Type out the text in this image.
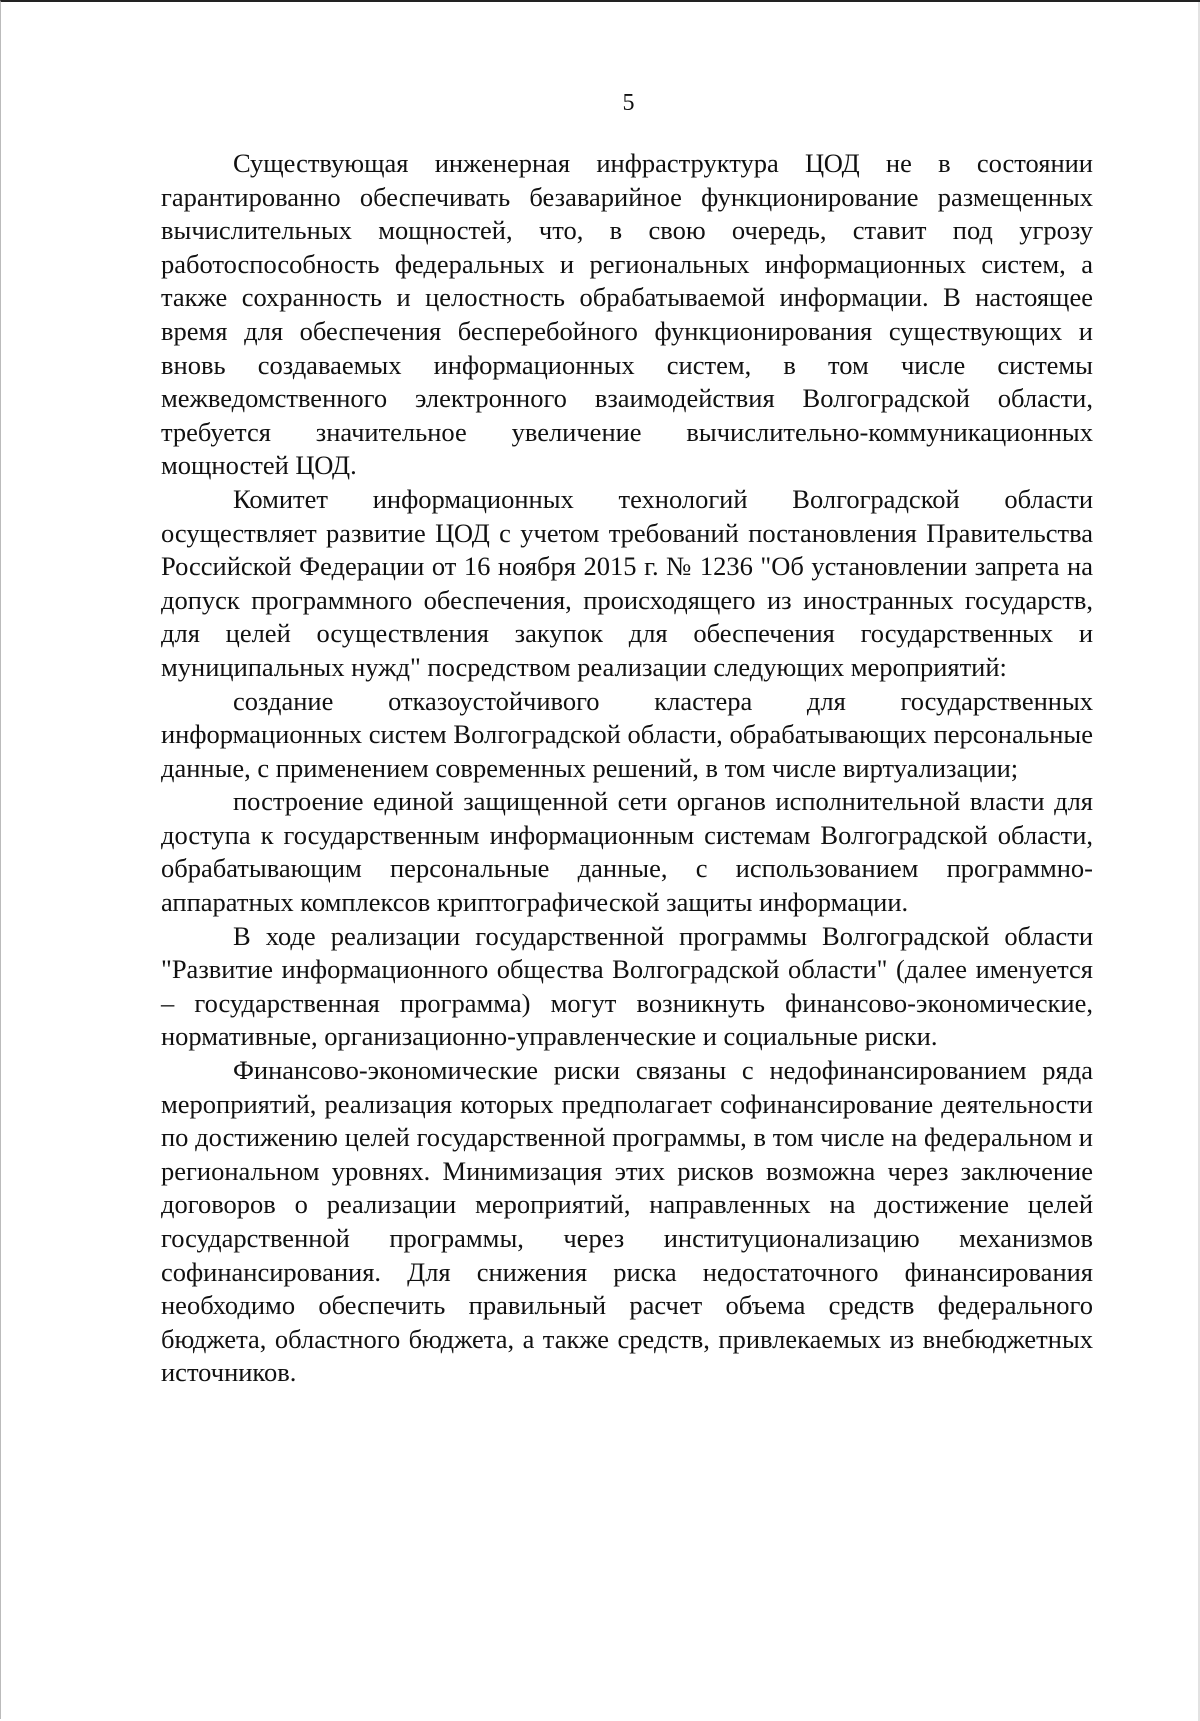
5

Существующая инженерная инфраструктура ЦОД не в состоянии гарантированно обеспечивать безаварийное функционирование размещенных вычислительных мощностей, что, в свою очередь, ставит под угрозу работоспособность федеральных и региональных информационных систем, а также сохранность и целостность обрабатываемой информации. В настоящее время для обеспечения бесперебойного функционирования существующих и вновь создаваемых информационных систем, в том числе системы межведомственного электронного взаимодействия Волгоградской области, требуется значительное увеличение вычислительно-коммуникационных мощностей ЦОД.

Комитет информационных технологий Волгоградской области осуществляет развитие ЦОД с учетом требований постановления Правительства Российской Федерации от 16 ноября 2015 г. № 1236 "Об установлении запрета на допуск программного обеспечения, происходящего из иностранных государств, для целей осуществления закупок для обеспечения государственных и муниципальных нужд" посредством реализации следующих мероприятий:

создание отказоустойчивого кластера для государственных информационных систем Волгоградской области, обрабатывающих персональные данные, с применением современных решений, в том числе виртуализации;

построение единой защищенной сети органов исполнительной власти для доступа к государственным информационным системам Волгоградской области, обрабатывающим персональные данные, с использованием программно-аппаратных комплексов криптографической защиты информации.

В ходе реализации государственной программы Волгоградской области "Развитие информационного общества Волгоградской области" (далее именуется – государственная программа) могут возникнуть финансово-экономические, нормативные, организационно-управленческие и социальные риски.

Финансово-экономические риски связаны с недофинансированием ряда мероприятий, реализация которых предполагает софинансирование деятельности по достижению целей государственной программы, в том числе на федеральном и региональном уровнях. Минимизация этих рисков возможна через заключение договоров о реализации мероприятий, направленных на достижение целей государственной программы, через институционализацию механизмов софинансирования. Для снижения риска недостаточного финансирования необходимо обеспечить правильный расчет объема средств федерального бюджета, областного бюджета, а также средств, привлекаемых из внебюджетных источников.
